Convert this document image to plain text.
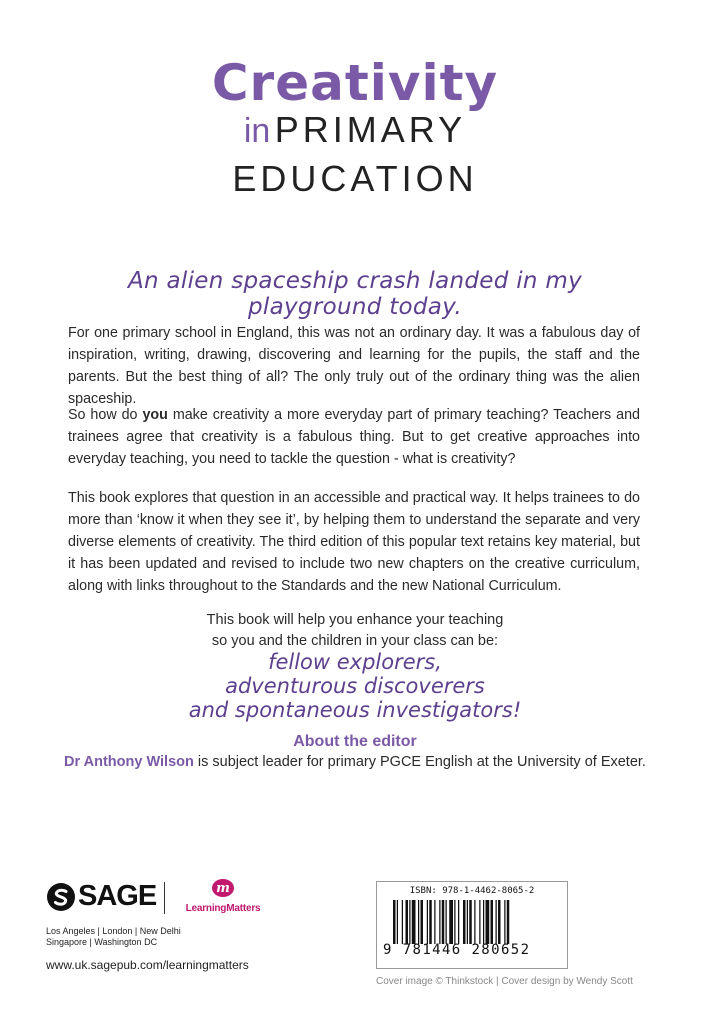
Creativity
in PRIMARY
EDUCATION
An alien spaceship crash landed in my playground today.
For one primary school in England, this was not an ordinary day. It was a fabulous day of inspiration, writing, drawing, discovering and learning for the pupils, the staff and the parents. But the best thing of all? The only truly out of the ordinary thing was the alien spaceship.
So how do you make creativity a more everyday part of primary teaching? Teachers and trainees agree that creativity is a fabulous thing. But to get creative approaches into everyday teaching, you need to tackle the question - what is creativity?
This book explores that question in an accessible and practical way. It helps trainees to do more than ‘know it when they see it’, by helping them to understand the separate and very diverse elements of creativity. The third edition of this popular text retains key material, but it has been updated and revised to include two new chapters on the creative curriculum, along with links throughout to the Standards and the new National Curriculum.
This book will help you enhance your teaching
so you and the children in your class can be:
fellow explorers,
adventurous discoverers
and spontaneous investigators!
About the editor
Dr Anthony Wilson is subject leader for primary PGCE English at the University of Exeter.
SAGE	m
LearningMatters
Los Angeles | London | New Delhi
Singapore | Washington DC
www.uk.sagepub.com/learningmatters
ISBN: 978-1-4462-8065-2
9 781446 280652
Cover image © Thinkstock | Cover design by Wendy Scott
